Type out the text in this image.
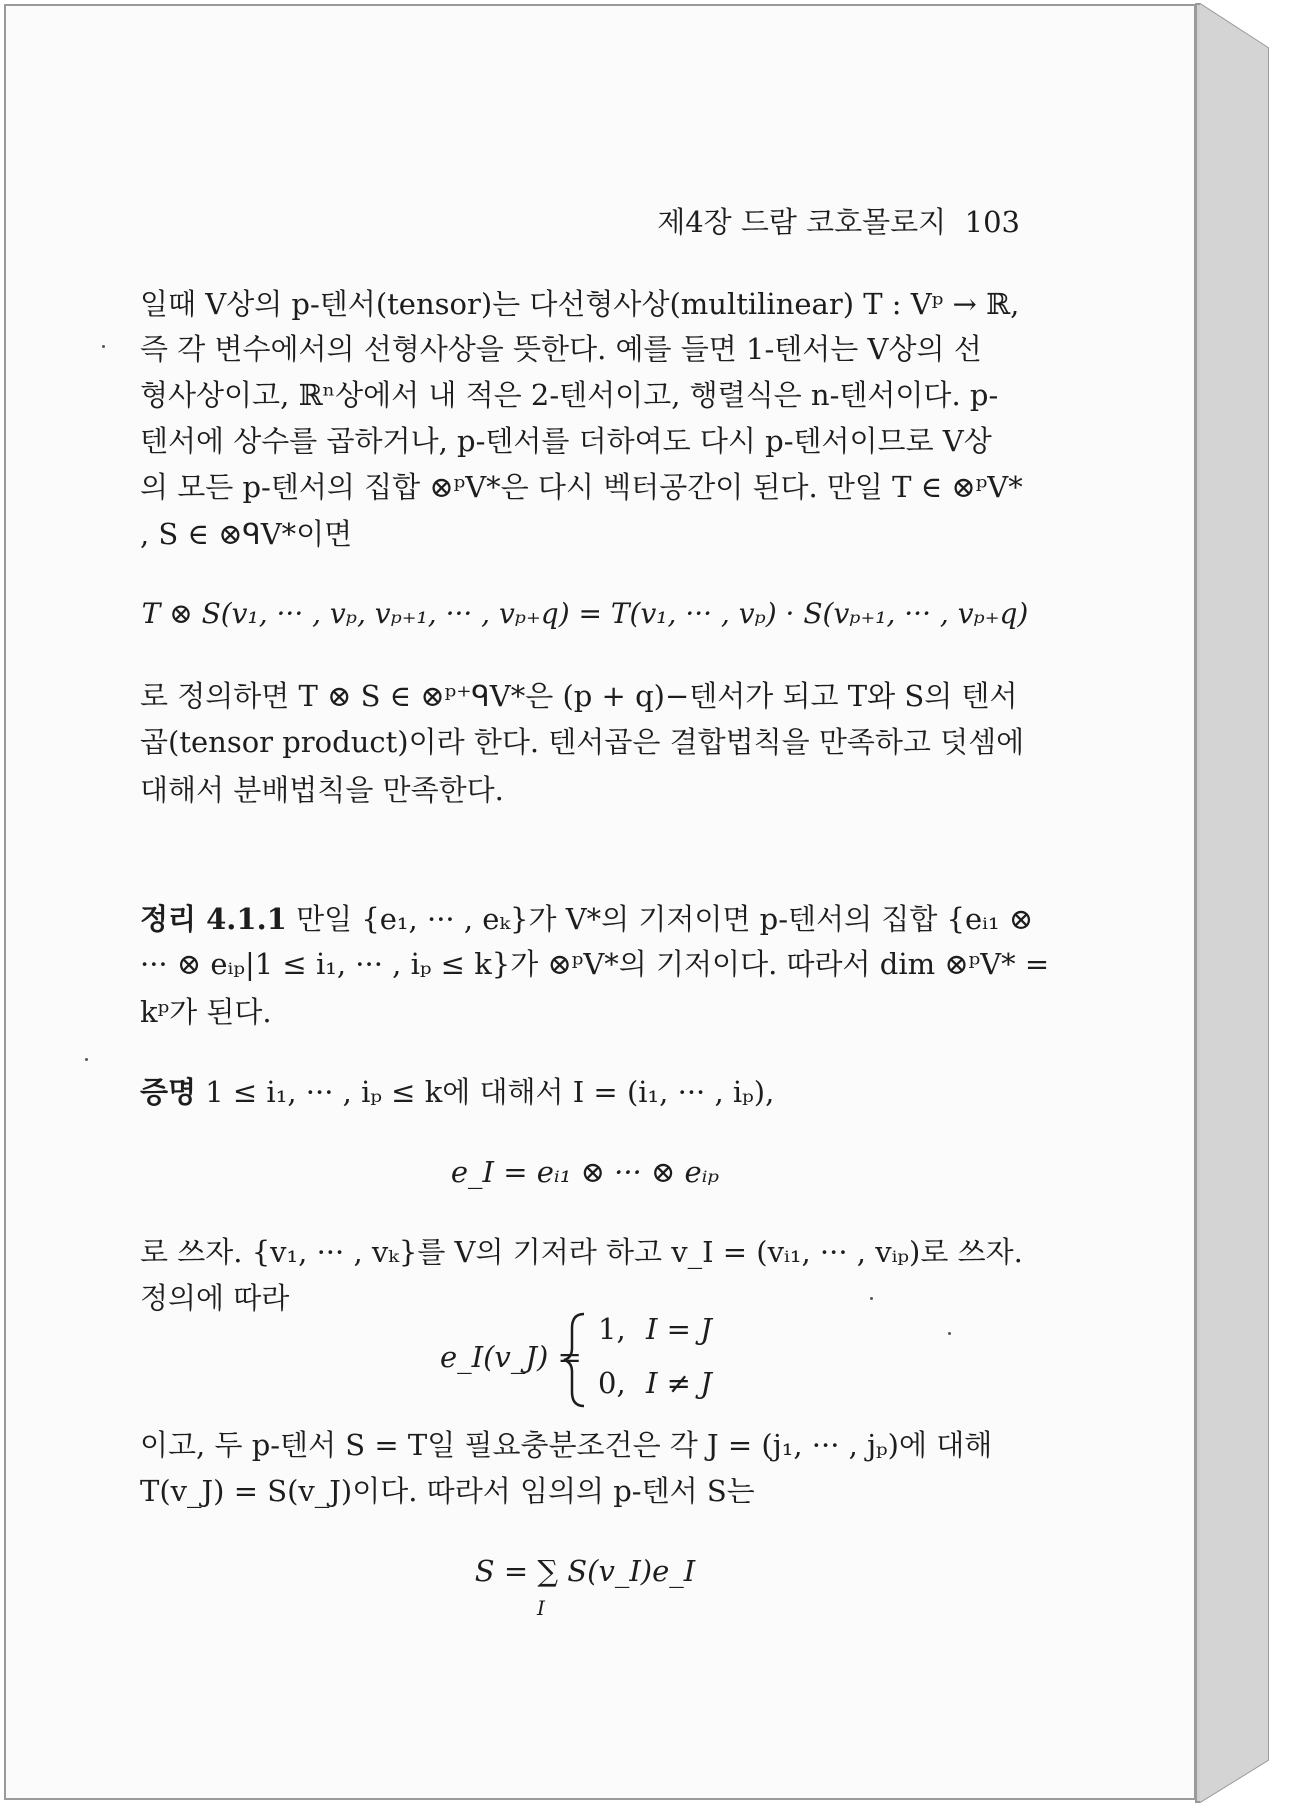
제4장 드람 코호몰로지 103
일때 V상의 p-텐서(tensor)는 다선형사상(multilinear) T : Vᵖ → ℝ,
즉 각 변수에서의 선형사상을 뜻한다. 예를 들면 1-텐서는 V상의 선
형사상이고, ℝⁿ상에서 내 적은 2-텐서이고, 행렬식은 n-텐서이다. p-
텐서에 상수를 곱하거나, p-텐서를 더하여도 다시 p-텐서이므로 V상
의 모든 p-텐서의 집합 ⊗ᵖV*은 다시 벡터공간이 된다. 만일 T ∈ ⊗ᵖV*
, S ∈ ⊗ᑫV*이면
T ⊗ S(v₁, ··· , vₚ, vₚ₊₁, ··· , vₚ₊q) = T(v₁, ··· , vₚ) · S(vₚ₊₁, ··· , vₚ₊q)
로 정의하면 T ⊗ S ∈ ⊗ᵖ⁺ᑫV*은 (p + q)−텐서가 되고 T와 S의 텐서
곱(tensor product)이라 한다. 텐서곱은 결합법칙을 만족하고 덧셈에
대해서 분배법칙을 만족한다.
정리 4.1.1 만일 {e₁, ··· , eₖ}가 V*의 기저이면 p-텐서의 집합 {eᵢ₁ ⊗
··· ⊗ eᵢₚ|1 ≤ i₁, ··· , iₚ ≤ k}가 ⊗ᵖV*의 기저이다. 따라서 dim ⊗ᵖV* =
kᵖ가 된다.
증명 1 ≤ i₁, ··· , iₚ ≤ k에 대해서 I = (i₁, ··· , iₚ),
e_I = eᵢ₁ ⊗ ··· ⊗ eᵢₚ
로 쓰자. {v₁, ··· , vₖ}를 V의 기저라 하고 v_I = (vᵢ₁, ··· , vᵢₚ)로 쓰자.
정의에 따라
e_I(v_J) =
1, I = J
0, I ≠ J
이고, 두 p-텐서 S = T일 필요충분조건은 각 J = (j₁, ··· , jₚ)에 대해
T(v_J) = S(v_J)이다. 따라서 임의의 p-텐서 S는
S = ∑ S(v_I)e_I
I
